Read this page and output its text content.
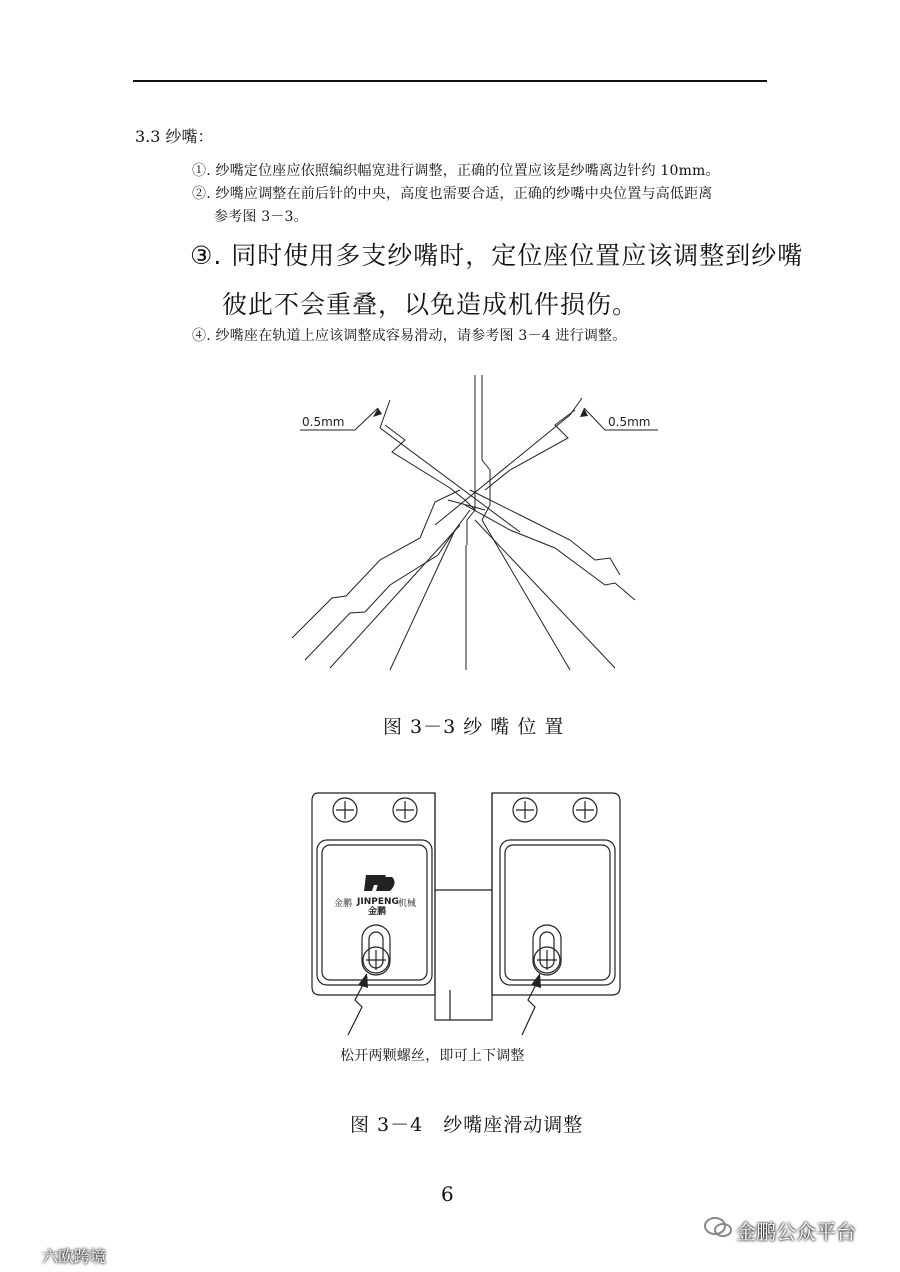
3.3 纱嘴：
①. 纱嘴定位座应依照编织幅宽进行调整，正确的位置应该是纱嘴离边针约 10mm。
②. 纱嘴应调整在前后针的中央，高度也需要合适，正确的纱嘴中央位置与高低距离
参考图 3－3。
③. 同时使用多支纱嘴时，定位座位置应该调整到纱嘴
彼此不会重叠，以免造成机件损伤。
④. 纱嘴座在轨道上应该调整成容易滑动，请参考图 3－4 进行调整。
0.5mm	0.5mm
图 3－3 纱 嘴 位 置
JINPENG
金鹏
金鹏	机械
松开两颗螺丝，即可上下调整
图 3－4　纱嘴座滑动调整
6
金鹏公众平台
六欧跨境
